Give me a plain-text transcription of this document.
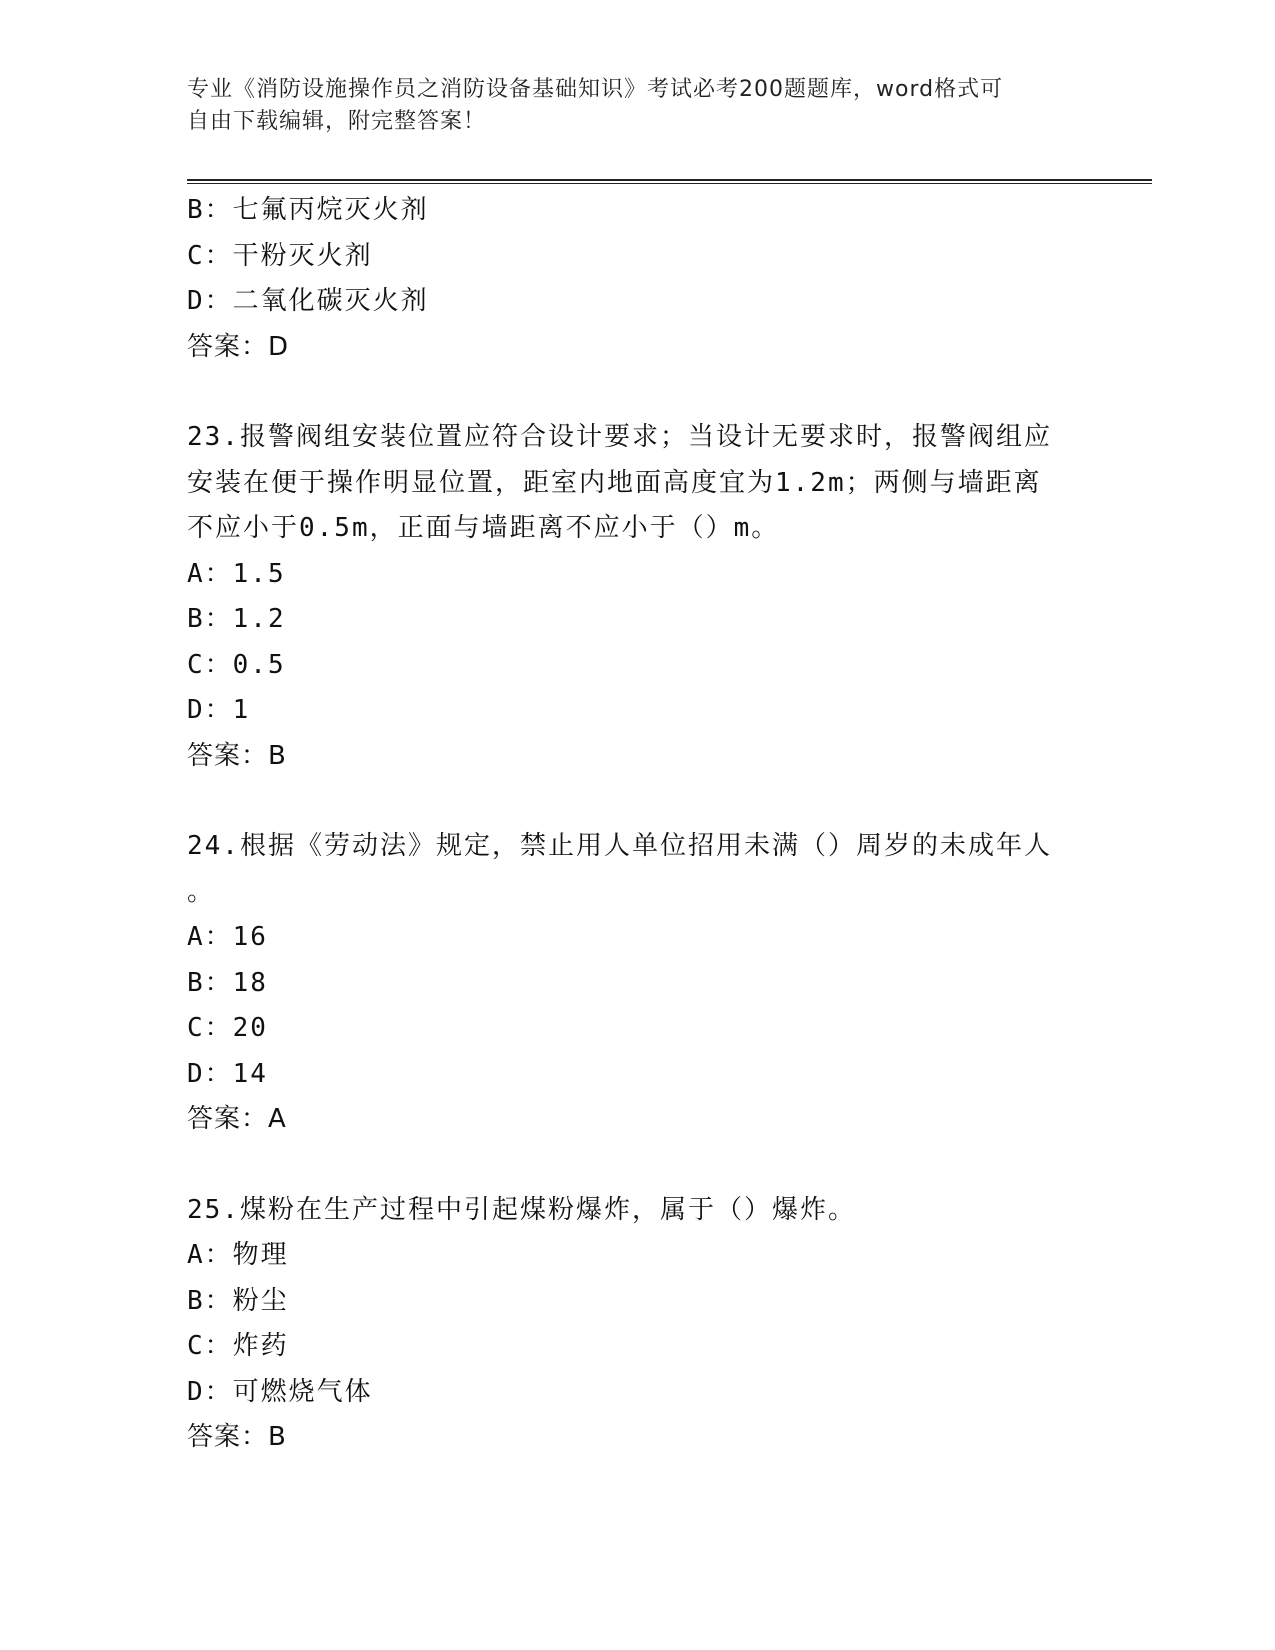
专业《消防设施操作员之消防设备基础知识》考试必考200题题库，word格式可
自由下载编辑，附完整答案！
B：七氟丙烷灭火剂
C：干粉灭火剂
D：二氧化碳灭火剂
答案：D
23.报警阀组安装位置应符合设计要求；当设计无要求时，报警阀组应
安装在便于操作明显位置，距室内地面高度宜为1.2m；两侧与墙距离
不应小于0.5m，正面与墙距离不应小于（）m。
A：1.5
B：1.2
C：0.5
D：1
答案：B
24.根据《劳动法》规定，禁止用人单位招用未满（）周岁的未成年人
。
A：16
B：18
C：20
D：14
答案：A
25.煤粉在生产过程中引起煤粉爆炸，属于（）爆炸。
A：物理
B：粉尘
C：炸药
D：可燃烧气体
答案：B
